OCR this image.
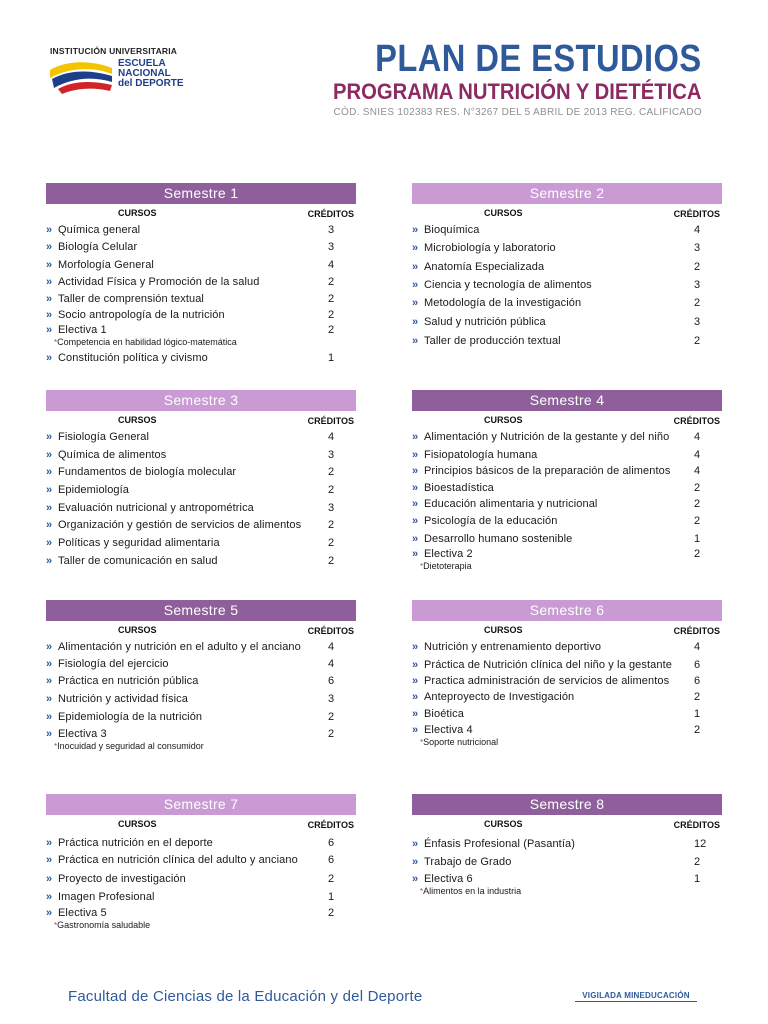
INSTITUCIÓN UNIVERSITARIA
ESCUELA
NACIONAL
del DEPORTE
PLAN DE ESTUDIOS
PROGRAMA NUTRICIÓN Y DIETÉTICA
CÓD. SNIES 102383 RES. N°3267 DEL 5 ABRIL DE 2013 REG. CALIFICADO
Semestre 1
CURSOS	CRÉDITOS
» Química general	3
» Biología Celular	3
» Morfología General	4
» Actividad Física y Promoción de la salud	2
» Taller de comprensión textual	2
» Socio antropología de la nutrición	2
» Electiva 1	2
*Competencia en habilidad lógico-matemática
» Constitución política y civismo	1
Semestre 2
CURSOS	CRÉDITOS
» Bioquímica	4
» Microbiología y laboratorio	3
» Anatomía Especializada	2
» Ciencia y tecnología de alimentos	3
» Metodología de la investigación	2
» Salud y nutrición pública	3
» Taller de producción textual	2
Semestre 3
CURSOS	CRÉDITOS
» Fisiología General	4
» Química de alimentos	3
» Fundamentos de biología molecular	2
» Epidemiología	2
» Evaluación nutricional y antropométrica	3
» Organización y gestión de servicios de alimentos 2
» Políticas y seguridad alimentaria	2
» Taller de comunicación en salud	2
Semestre 4
CURSOS	CRÉDITOS
» Alimentación y Nutrición de la gestante y del niño 4
» Fisiopatología humana	4
» Principios básicos de la preparación de alimentos 4
» Bioestadística	2
» Educación alimentaria y nutricional	2
» Psicología de la educación	2
» Desarrollo humano sostenible	1
» Electiva 2	2
*Dietoterapia
Semestre 5
CURSOS	CRÉDITOS
» Alimentación y nutrición en el adulto y el anciano 4
» Fisiología del ejercicio	4
» Práctica en nutrición pública	6
» Nutrición y actividad física	3
» Epidemiología de la nutrición	2
» Electiva 3	2
*Inocuidad y seguridad al consumidor
Semestre 6
CURSOS	CRÉDITOS
» Nutrición y entrenamiento deportivo	4
» Práctica de Nutrición clínica del niño y la gestante 6
» Practica administración de servicios de alimentos 6
» Anteproyecto de Investigación	2
» Bioética	1
» Electiva 4	2
*Soporte nutricional
Semestre 7
CURSOS	CRÉDITOS
» Práctica nutrición en el deporte	6
» Práctica en nutrición clínica del adulto y anciano	6
» Proyecto de investigación	2
» Imagen Profesional	1
» Electiva 5	2
*Gastronomía saludable
Semestre 8
CURSOS	CRÉDITOS
» Énfasis Profesional (Pasantía)	12
» Trabajo de Grado	2
» Electiva 6	1
*Alimentos en la industria
Facultad de Ciencias de la Educación y del Deporte	VIGILADA MINEDUCACIÓN
